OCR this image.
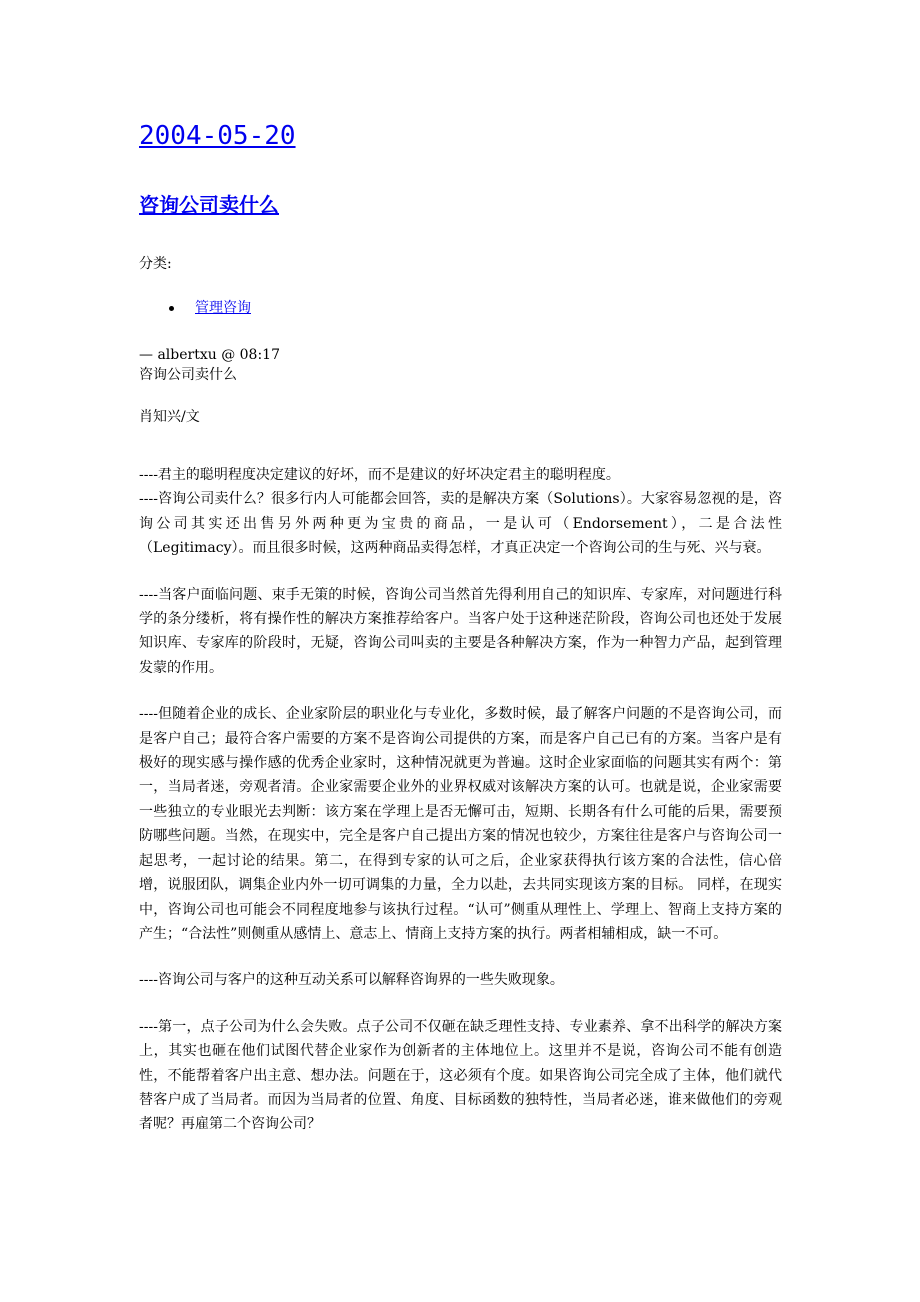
2004-05-20
咨询公司卖什么
分类:
管理咨询
— albertxu @ 08:17
咨询公司卖什么
肖知兴/文

----君主的聪明程度决定建议的好坏，而不是建议的好坏决定君主的聪明程度。

----咨询公司卖什么？很多行内人可能都会回答，卖的是解决方案（Solutions）。大家容易忽视的是，咨询公司其实还出售另外两种更为宝贵的商品，一是认可（Endorsement），二是合法性（Legitimacy）。而且很多时候，这两种商品卖得怎样，才真正决定一个咨询公司的生与死、兴与衰。

----当客户面临问题、束手无策的时候，咨询公司当然首先得利用自己的知识库、专家库，对问题进行科学的条分缕析，将有操作性的解决方案推荐给客户。当客户处于这种迷茫阶段，咨询公司也还处于发展知识库、专家库的阶段时，无疑，咨询公司叫卖的主要是各种解决方案，作为一种智力产品，起到管理发蒙的作用。

----但随着企业的成长、企业家阶层的职业化与专业化，多数时候，最了解客户问题的不是咨询公司，而是客户自己；最符合客户需要的方案不是咨询公司提供的方案，而是客户自己已有的方案。当客户是有极好的现实感与操作感的优秀企业家时，这种情况就更为普遍。这时企业家面临的问题其实有两个：第一，当局者迷，旁观者清。企业家需要企业外的业界权威对该解决方案的认可。也就是说，企业家需要一些独立的专业眼光去判断：该方案在学理上是否无懈可击，短期、长期各有什么可能的后果，需要预防哪些问题。当然，在现实中，完全是客户自己提出方案的情况也较少，方案往往是客户与咨询公司一起思考，一起讨论的结果。第二，在得到专家的认可之后，企业家获得执行该方案的合法性，信心倍增，说服团队，调集企业内外一切可调集的力量，全力以赴，去共同实现该方案的目标。 同样，在现实中，咨询公司也可能会不同程度地参与该执行过程。“认可”侧重从理性上、学理上、智商上支持方案的产生；“合法性”则侧重从感情上、意志上、情商上支持方案的执行。两者相辅相成，缺一不可。

----咨询公司与客户的这种互动关系可以解释咨询界的一些失败现象。

----第一，点子公司为什么会失败。点子公司不仅砸在缺乏理性支持、专业素养、拿不出科学的解决方案上，其实也砸在他们试图代替企业家作为创新者的主体地位上。这里并不是说，咨询公司不能有创造性，不能帮着客户出主意、想办法。问题在于，这必须有个度。如果咨询公司完全成了主体，他们就代替客户成了当局者。而因为当局者的位置、角度、目标函数的独特性，当局者必迷，谁来做他们的旁观者呢？再雇第二个咨询公司？
